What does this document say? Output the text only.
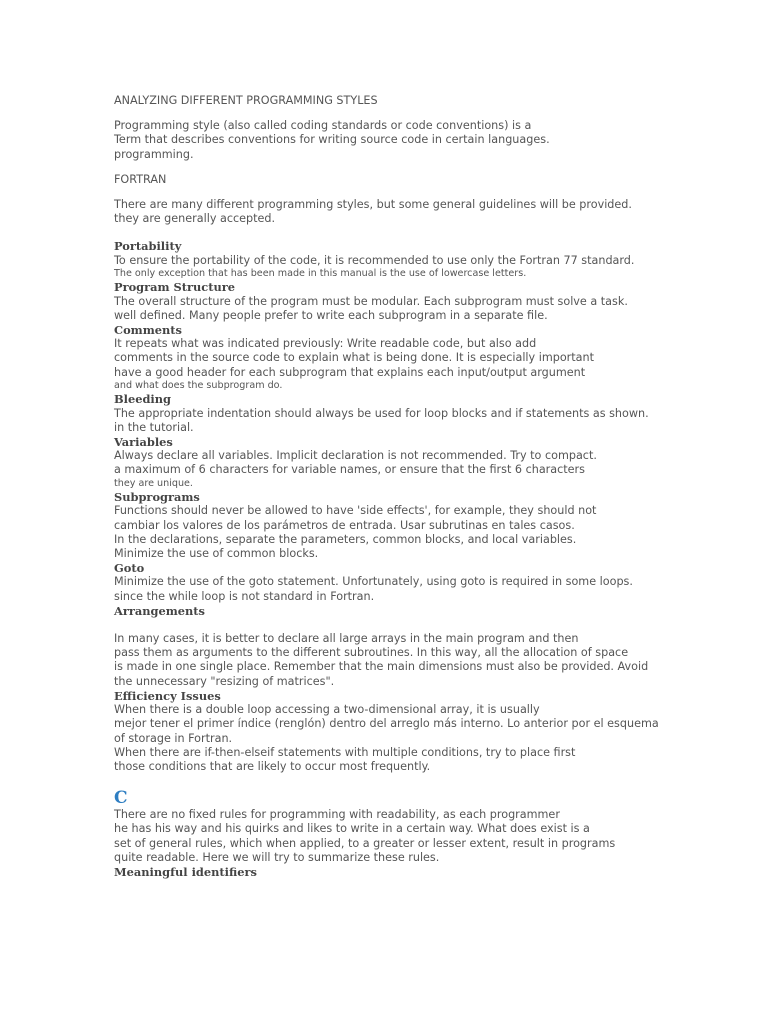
ANALYZING DIFFERENT PROGRAMMING STYLES

Programming style (also called coding standards or code conventions) is a

Term that describes conventions for writing source code in certain languages.

programming.

FORTRAN

There are many different programming styles, but some general guidelines will be provided.

they are generally accepted.

Portability

To ensure the portability of the code, it is recommended to use only the Fortran 77 standard.

The only exception that has been made in this manual is the use of lowercase letters.

Program Structure

The overall structure of the program must be modular. Each subprogram must solve a task.

well defined. Many people prefer to write each subprogram in a separate file.

Comments

It repeats what was indicated previously: Write readable code, but also add

comments in the source code to explain what is being done. It is especially important

have a good header for each subprogram that explains each input/output argument

and what does the subprogram do.

Bleeding

The appropriate indentation should always be used for loop blocks and if statements as shown.

in the tutorial.

Variables

Always declare all variables. Implicit declaration is not recommended. Try to compact.

a maximum of 6 characters for variable names, or ensure that the first 6 characters

they are unique.

Subprograms

Functions should never be allowed to have 'side effects', for example, they should not

cambiar los valores de los parámetros de entrada. Usar subrutinas en tales casos.

In the declarations, separate the parameters, common blocks, and local variables.

Minimize the use of common blocks.

Goto

Minimize the use of the goto statement. Unfortunately, using goto is required in some loops.

since the while loop is not standard in Fortran.

Arrangements

In many cases, it is better to declare all large arrays in the main program and then

pass them as arguments to the different subroutines. In this way, all the allocation of space

is made in one single place. Remember that the main dimensions must also be provided. Avoid

the unnecessary "resizing of matrices".

Efficiency Issues

When there is a double loop accessing a two-dimensional array, it is usually

mejor tener el primer índice (renglón) dentro del arreglo más interno. Lo anterior por el esquema

of storage in Fortran.

When there are if-then-elseif statements with multiple conditions, try to place first

those conditions that are likely to occur most frequently.

C

There are no fixed rules for programming with readability, as each programmer

he has his way and his quirks and likes to write in a certain way. What does exist is a

set of general rules, which when applied, to a greater or lesser extent, result in programs

quite readable. Here we will try to summarize these rules.

Meaningful identifiers
